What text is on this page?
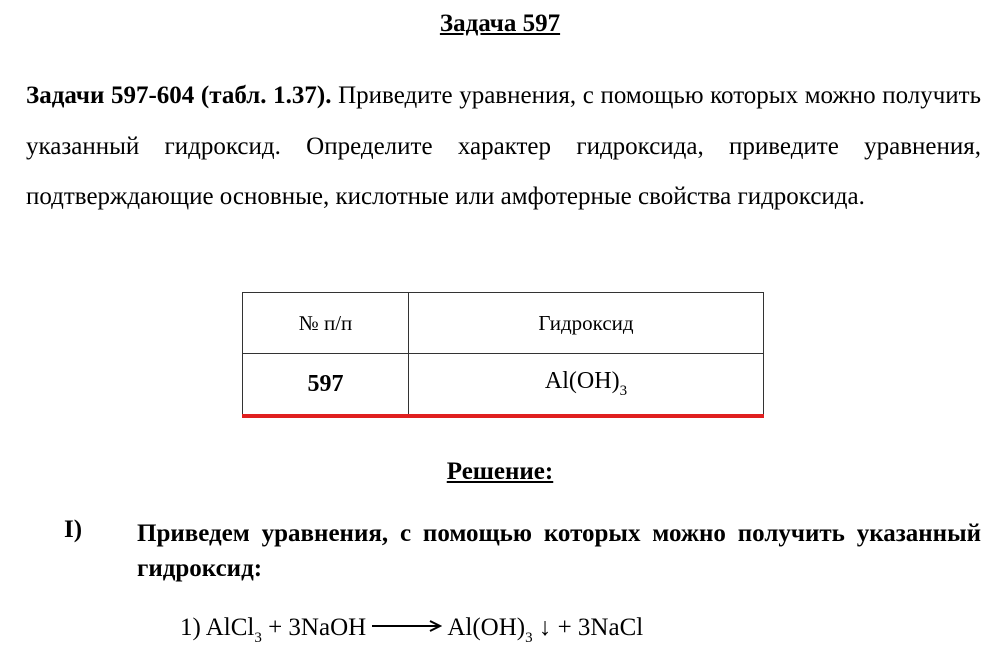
Задача 597
Задачи 597-604 (табл. 1.37). Приведите уравнения, с помощью которых можно получить указанный гидроксид. Определите характер гидроксида, приведите уравнения, подтверждающие основные, кислотные или амфотерные свойства гидроксида.
№ п/п	Гидроксид
597	$Al(OH)_3$
Решение:
I) Приведем уравнения, с помощью которых можно получить указанный гидроксид:
1) AlCl$_3$ + 3NaOH → $Al(OH)_3$ ↓ + 3NaCl
